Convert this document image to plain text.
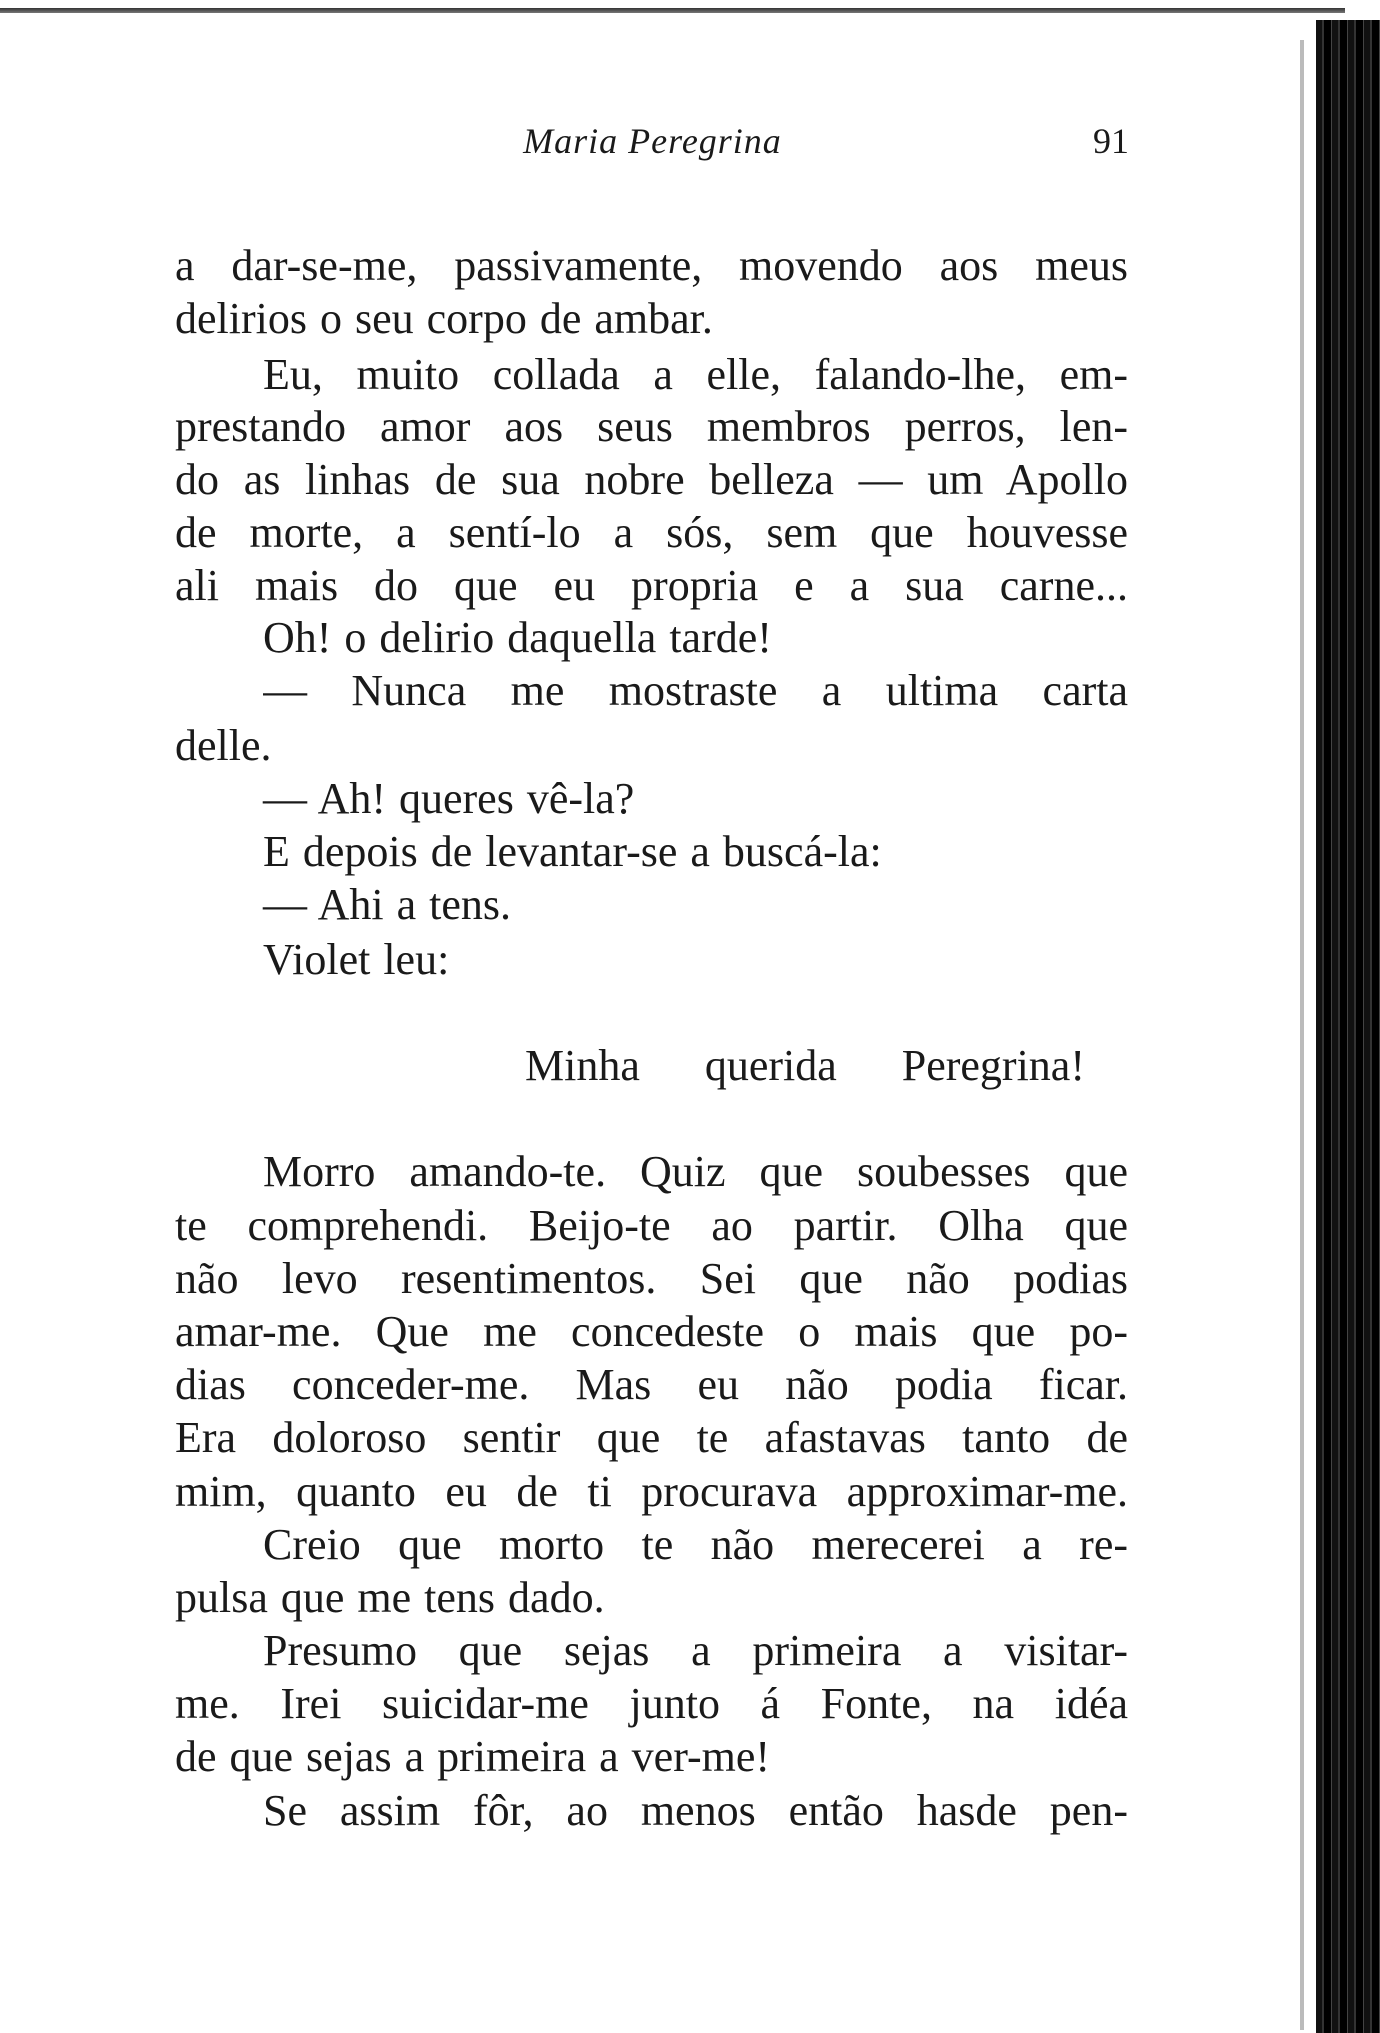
Maria Peregrina	91
a dar-se-me, passivamente, movendo aos meus
delirios o seu corpo de ambar.
Eu, muito collada a elle, falando-lhe, em-
prestando amor aos seus membros perros, len-
do as linhas de sua nobre belleza — um Apollo
de morte, a sentí-lo a sós, sem que houvesse
ali mais do que eu propria e a sua carne...
Oh! o delirio daquella tarde!
— Nunca me mostraste a ultima carta
delle.
— Ah! queres vê-la?
E depois de levantar-se a buscá-la:
— Ahi a tens.
Violet leu:
Minha querida Peregrina!
Morro amando-te. Quiz que soubesses que
te comprehendi. Beijo-te ao partir. Olha que
não levo resentimentos. Sei que não podias
amar-me. Que me concedeste o mais que po-
dias conceder-me. Mas eu não podia ficar.
Era doloroso sentir que te afastavas tanto de
mim, quanto eu de ti procurava approximar-me.
Creio que morto te não merecerei a re-
pulsa que me tens dado.
Presumo que sejas a primeira a visitar-
me. Irei suicidar-me junto á Fonte, na idéa
de que sejas a primeira a ver-me!
Se assim fôr, ao menos então hasde pen-
